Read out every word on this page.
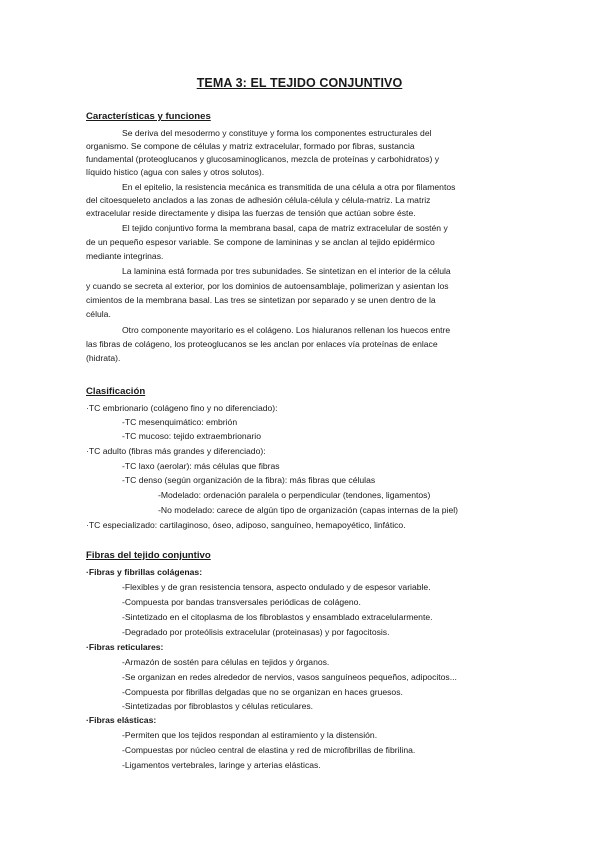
TEMA 3: EL TEJIDO CONJUNTIVO
Características y funciones
Se deriva del mesodermo y constituye y forma los componentes estructurales del
organismo. Se compone de células y matriz extracelular, formado por fibras, sustancia
fundamental (proteoglucanos y glucosaminoglicanos, mezcla de proteínas y carbohidratos) y
líquido histico (agua con sales y otros solutos).
En el epitelio, la resistencia mecánica es transmitida de una célula a otra por filamentos
del citoesqueleto anclados a las zonas de adhesión célula-célula y célula-matriz. La matriz
extracelular reside directamente y disipa las fuerzas de tensión que actúan sobre éste.
El tejido conjuntivo forma la membrana basal, capa de matriz extracelular de sostén y
de un pequeño espesor variable. Se compone de lamininas y se anclan al tejido epidérmico
mediante integrinas.
La laminina está formada por tres subunidades. Se sintetizan en el interior de la célula
y cuando se secreta al exterior, por los dominios de autoensamblaje, polimerizan y asientan los
cimientos de la membrana basal. Las tres se sintetizan por separado y se unen dentro de la
célula.
Otro componente mayoritario es el colágeno. Los hialuranos rellenan los huecos entre
las fibras de colágeno, los proteoglucanos se les anclan por enlaces vía proteínas de enlace
(hidrata).
Clasificación
·TC embrionario (colágeno fino y no diferenciado):
-TC mesenquimático: embrión
-TC mucoso: tejido extraembrionario
·TC adulto (fibras más grandes y diferenciado):
-TC laxo (aerolar): más células que fibras
-TC denso (según organización de la fibra): más fibras que células
-Modelado: ordenación paralela o perpendicular (tendones, ligamentos)
-No modelado: carece de algún tipo de organización (capas internas de la piel)
·TC especializado: cartilaginoso, óseo, adiposo, sanguíneo, hemapoyético, linfático.
Fibras del tejido conjuntivo
·Fibras y fibrillas colágenas:
-Flexibles y de gran resistencia tensora, aspecto ondulado y de espesor variable.
-Compuesta por bandas transversales periódicas de colágeno.
-Sintetizado en el citoplasma de los fibroblastos y ensamblado extracelularmente.
-Degradado por proteólisis extracelular (proteinasas) y por fagocitosis.
·Fibras reticulares:
-Armazón de sostén para células en tejidos y órganos.
-Se organizan en redes alrededor de nervios, vasos sanguíneos pequeños, adipocitos...
-Compuesta por fibrillas delgadas que no se organizan en haces gruesos.
-Sintetizadas por fibroblastos y células reticulares.
·Fibras elásticas:
-Permiten que los tejidos respondan al estiramiento y la distensión.
-Compuestas por núcleo central de elastina y red de microfibrillas de fibrilina.
-Ligamentos vertebrales, laringe y arterias elásticas.
